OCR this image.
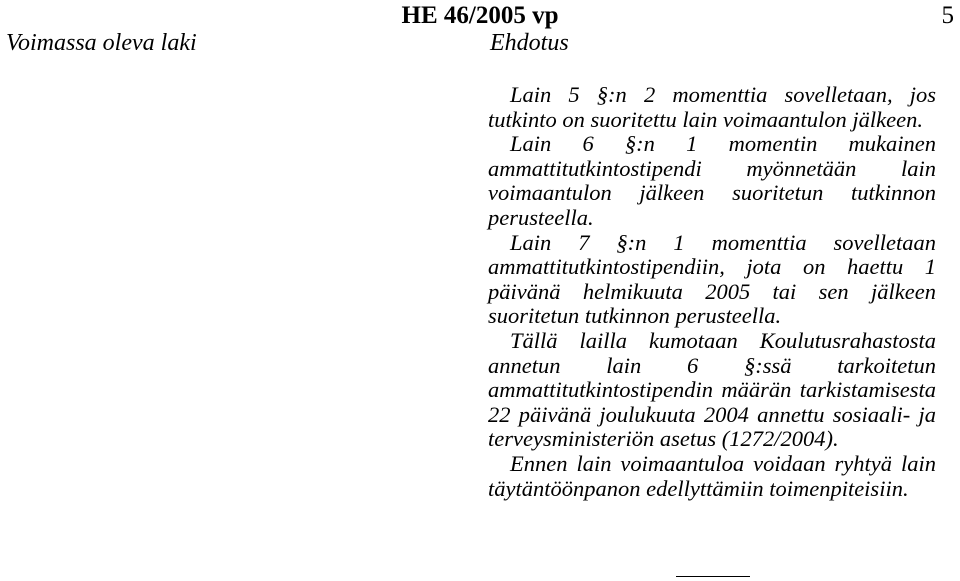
HE 46/2005 vp	5
Voimassa oleva laki	Ehdotus

Lain 5 §:n 2 momenttia sovelletaan, jos tutkinto on suoritettu lain voimaantulon jälkeen.

Lain 6 §:n 1 momentin mukainen ammattitutkintostipendi myönnetään lain voimaantulon jälkeen suoritetun tutkinnon perusteella.

Lain 7 §:n 1 momenttia sovelletaan ammattitutkintostipendiin, jota on haettu 1 päivänä helmikuuta 2005 tai sen jälkeen suoritetun tutkinnon perusteella.

Tällä lailla kumotaan Koulutusrahastosta annetun lain 6 §:ssä tarkoitetun ammattitutkintostipendin määrän tarkistamisesta 22 päivänä joulukuuta 2004 annettu sosiaali- ja terveysministeriön asetus (1272/2004).

Ennen lain voimaantuloa voidaan ryhtyä lain täytäntöönpanon edellyttämiin toimenpiteisiin.
